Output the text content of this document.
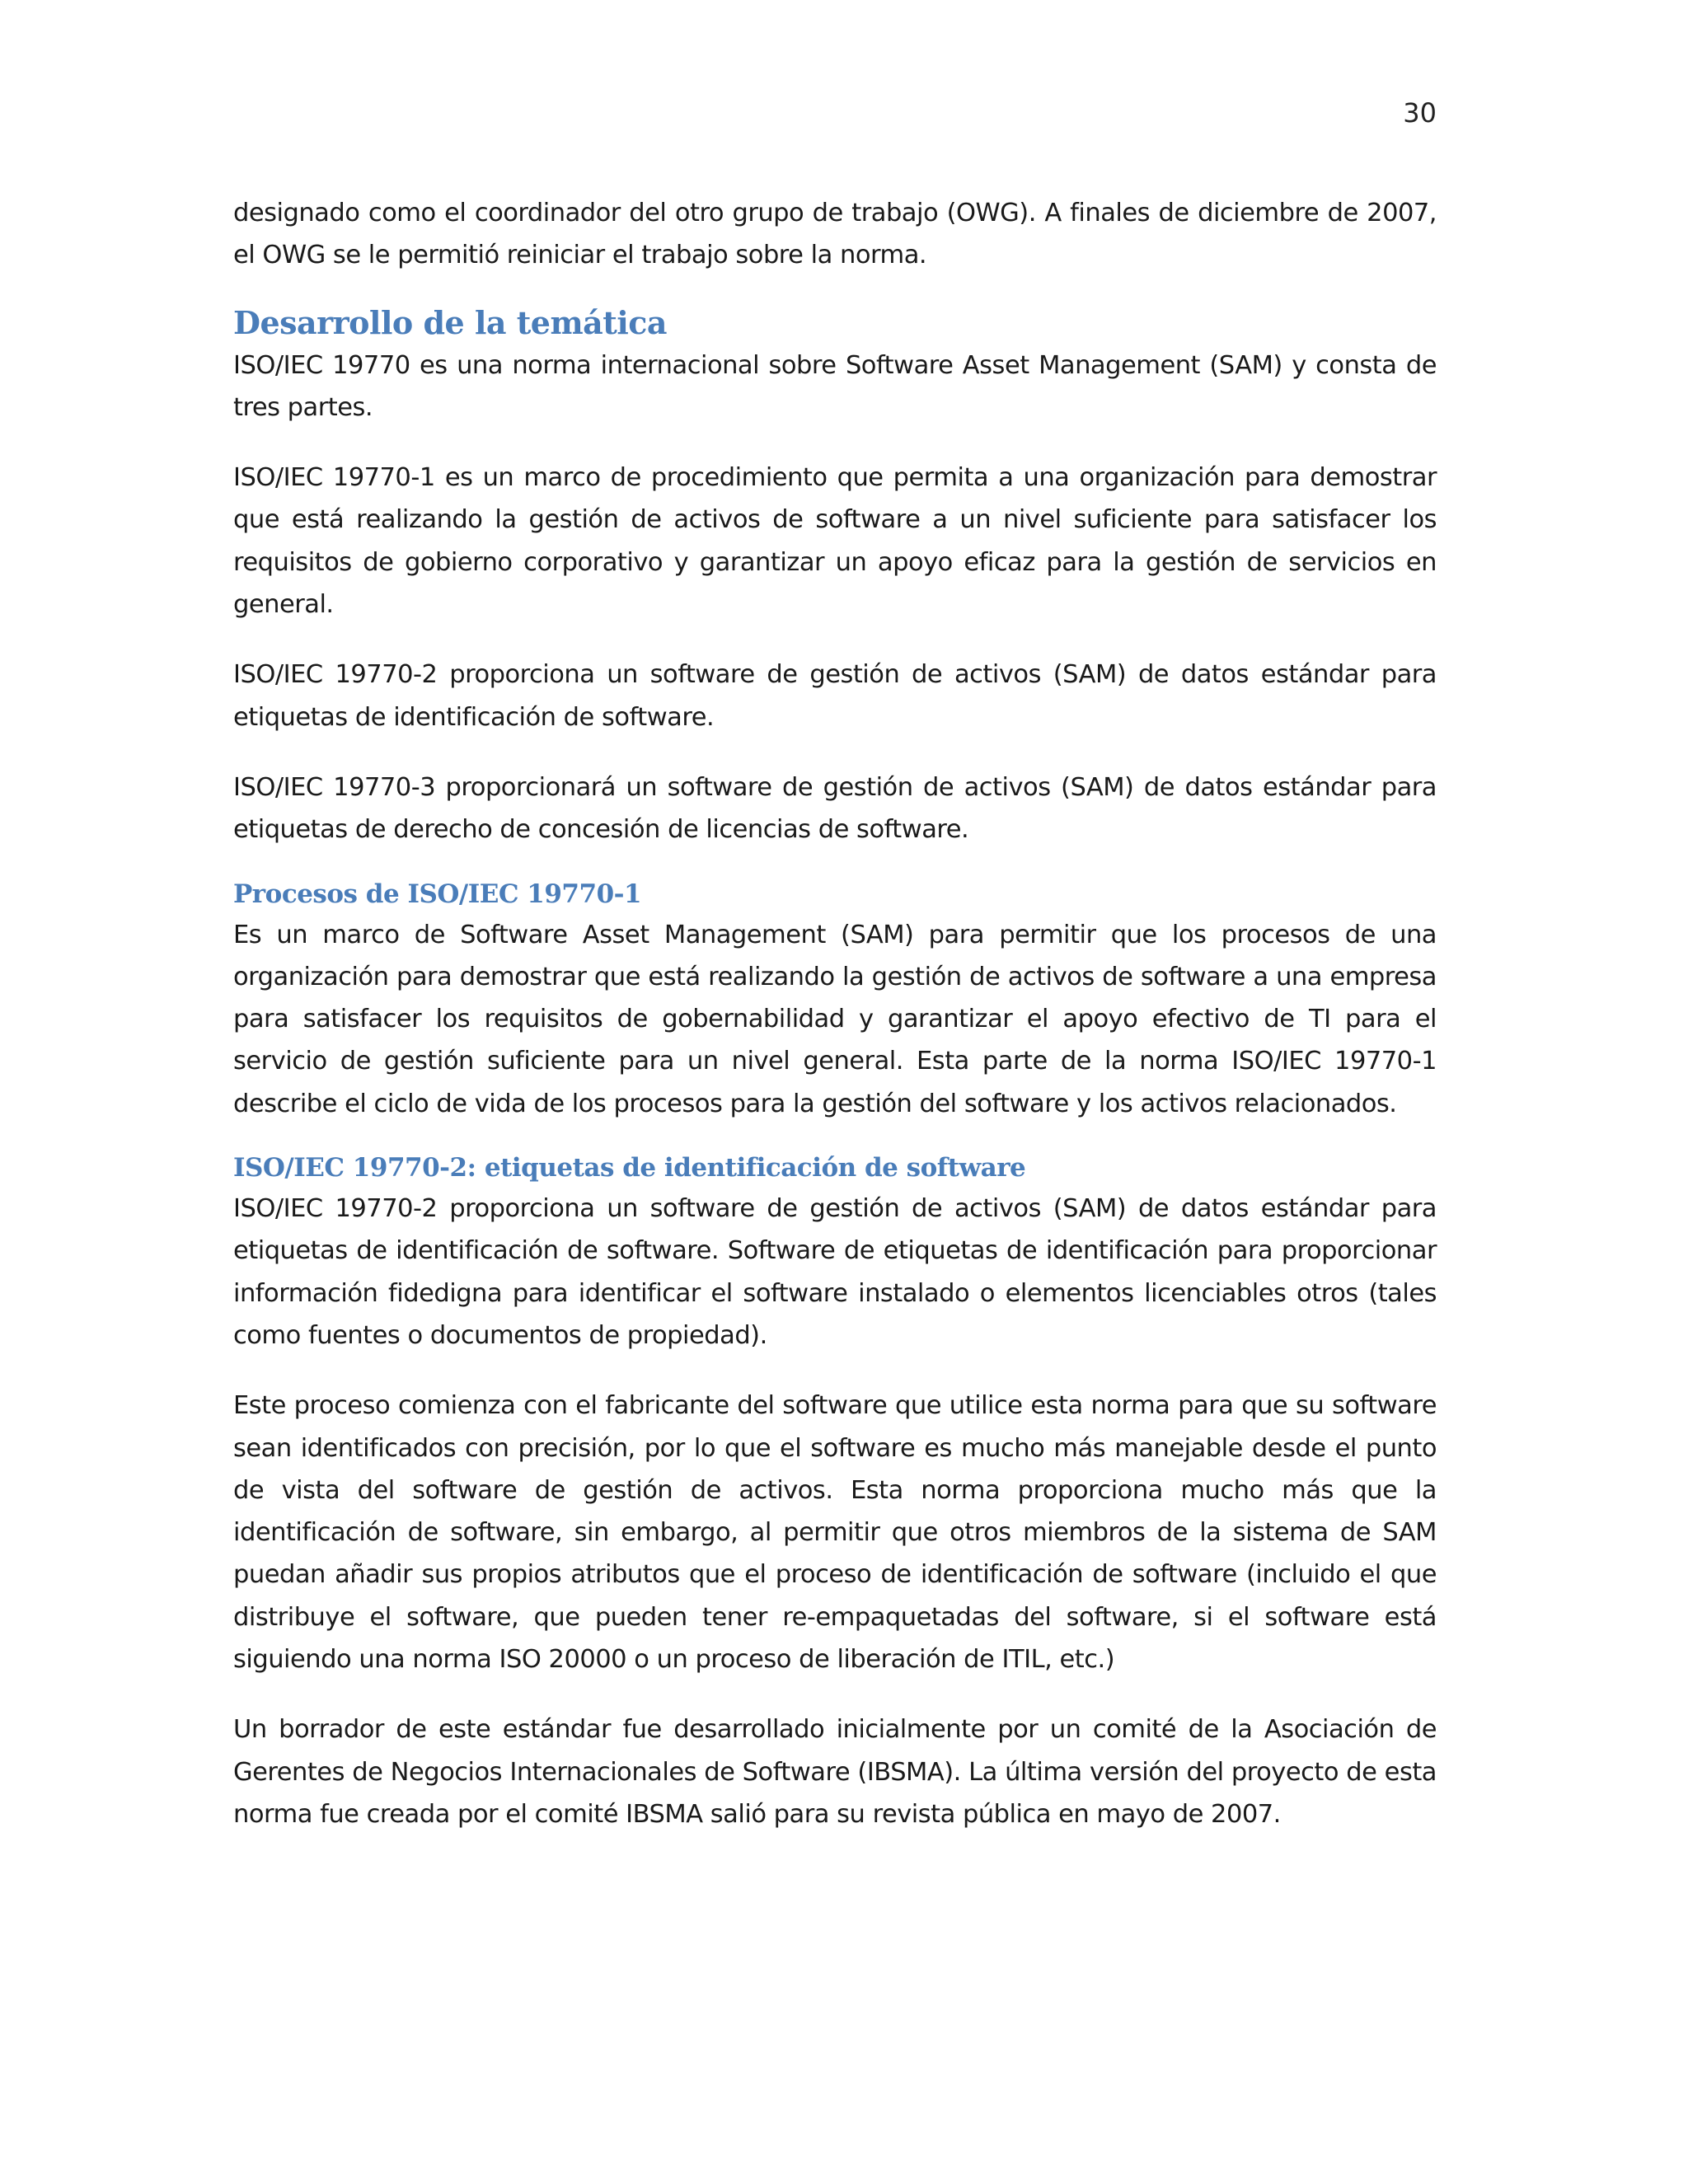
30

designado como el coordinador del otro grupo de trabajo (OWG). A finales de diciembre de 2007, el OWG se le permitió reiniciar el trabajo sobre la norma.

Desarrollo de la temática

ISO/IEC 19770 es una norma internacional sobre Software Asset Management (SAM) y consta de tres partes.

ISO/IEC 19770-1 es un marco de procedimiento que permita a una organización para demostrar que está realizando la gestión de activos de software a un nivel suficiente para satisfacer los requisitos de gobierno corporativo y garantizar un apoyo eficaz para la gestión de servicios en general.

ISO/IEC 19770-2 proporciona un software de gestión de activos (SAM) de datos estándar para etiquetas de identificación de software.

ISO/IEC 19770-3 proporcionará un software de gestión de activos (SAM) de datos estándar para etiquetas de derecho de concesión de licencias de software.

Procesos de ISO/IEC 19770-1

Es un marco de Software Asset Management (SAM) para permitir que los procesos de una organización para demostrar que está realizando la gestión de activos de software a una empresa para satisfacer los requisitos de gobernabilidad y garantizar el apoyo efectivo de TI para el servicio de gestión suficiente para un nivel general. Esta parte de la norma ISO/IEC 19770-1 describe el ciclo de vida de los procesos para la gestión del software y los activos relacionados.

ISO/IEC 19770-2: etiquetas de identificación de software

ISO/IEC 19770-2 proporciona un software de gestión de activos (SAM) de datos estándar para etiquetas de identificación de software. Software de etiquetas de identificación para proporcionar información fidedigna para identificar el software instalado o elementos licenciables otros (tales como fuentes o documentos de propiedad).

Este proceso comienza con el fabricante del software que utilice esta norma para que su software sean identificados con precisión, por lo que el software es mucho más manejable desde el punto de vista del software de gestión de activos. Esta norma proporciona mucho más que la identificación de software, sin embargo, al permitir que otros miembros de la sistema de SAM puedan añadir sus propios atributos que el proceso de identificación de software (incluido el que distribuye el software, que pueden tener re-empaquetadas del software, si el software está siguiendo una norma ISO 20000 o un proceso de liberación de ITIL, etc.)

Un borrador de este estándar fue desarrollado inicialmente por un comité de la Asociación de Gerentes de Negocios Internacionales de Software (IBSMA). La última versión del proyecto de esta norma fue creada por el comité IBSMA salió para su revista pública en mayo de 2007.
